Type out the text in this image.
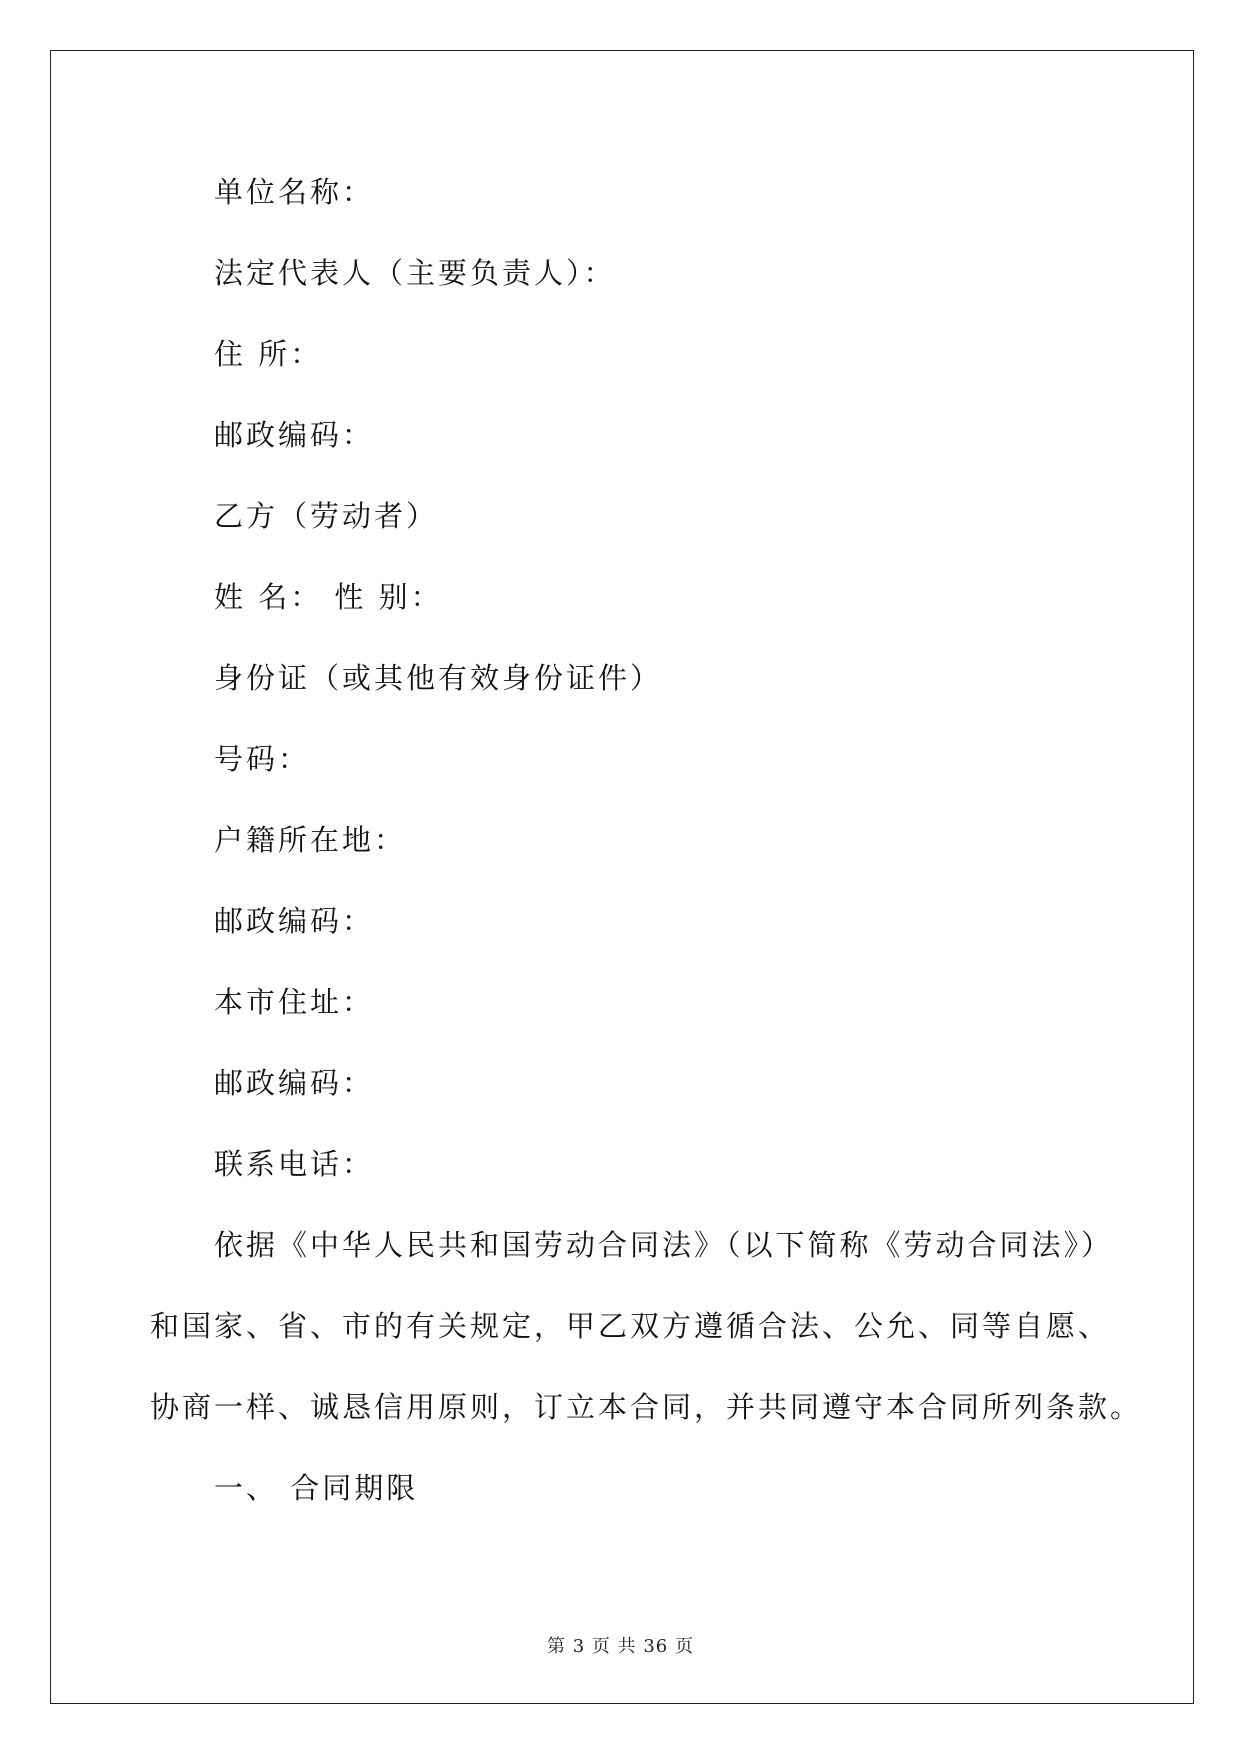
单位名称：
法定代表人（主要负责人）：
住 所：
邮政编码：
乙方（劳动者）
姓 名： 性 别：
身份证（或其他有效身份证件）
号码：
户籍所在地：
邮政编码：
本市住址：
邮政编码：
联系电话：
依据《中华人民共和国劳动合同法》（以下简称《劳动合同法》）
和国家、省、市的有关规定，甲乙双方遵循合法、公允、同等自愿、
协商一样、诚恳信用原则，订立本合同，并共同遵守本合同所列条款。
一、 合同期限
第 3 页 共 36 页
